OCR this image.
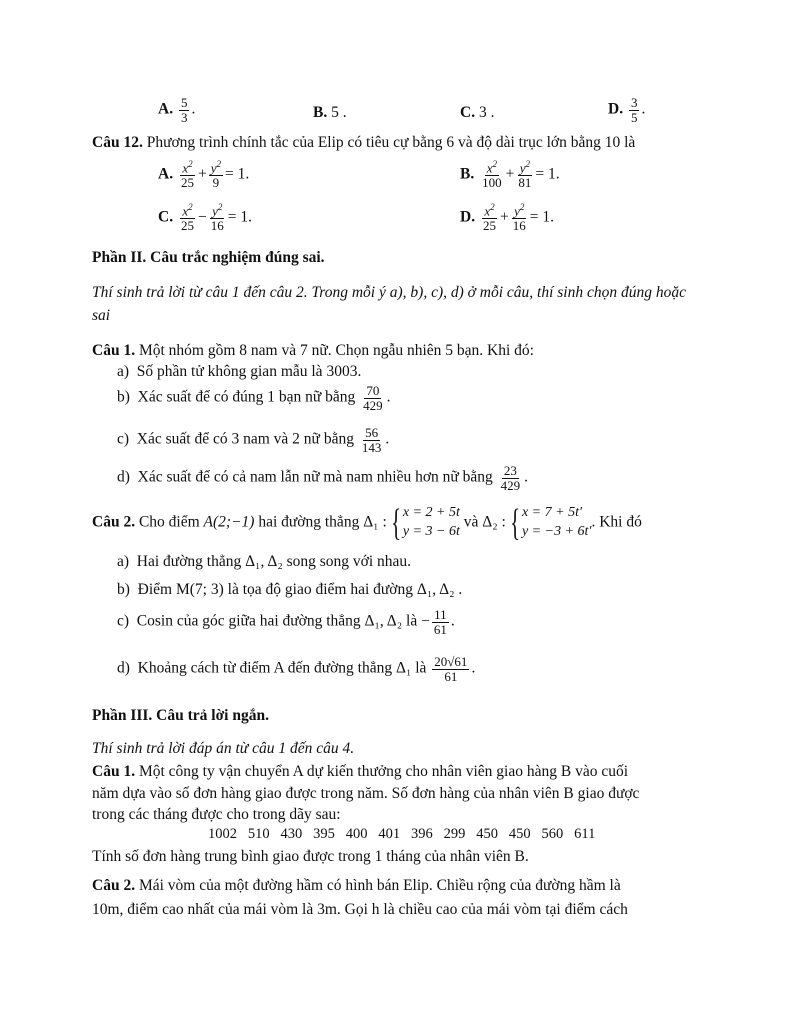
A. $\frac{5}{3}$ .	B. 5 .	C. 3 .	D. $\frac{3}{5}$ .
Câu 12. Phương trình chính tắc của Elip có tiêu cự bằng 6 và độ dài trục lớn bằng 10 là
A. $\frac{x^2}{25} + \frac{y^2}{9} = 1$.	B. $\frac{x^2}{100} + \frac{y^2}{81} = 1$.
C. $\frac{x^2}{25} - \frac{y^2}{16} = 1$.	D. $\frac{x^2}{25} + \frac{y^2}{16} = 1$.
Phần II. Câu trắc nghiệm đúng sai.
Thí sinh trả lời từ câu 1 đến câu 2. Trong mỗi ý a), b), c), d) ở mỗi câu, thí sinh chọn đúng hoặc
sai
Câu 1. Một nhóm gồm 8 nam và 7 nữ. Chọn ngẫu nhiên 5 bạn. Khi đó:
a) Số phần tử không gian mẫu là 3003.
b) Xác suất để có đúng 1 bạn nữ bằng $\frac{70}{429}$ .
c) Xác suất để có 3 nam và 2 nữ bằng $\frac{56}{143}$ .
d) Xác suất để có cả nam lẫn nữ mà nam nhiều hơn nữ bằng $\frac{23}{429}$ .
Câu 2. Cho điểm A(2;−1) hai đường thẳng Δ₁ : { x = 2 + 5t
y = 3 − 6t
và Δ₂ : { x = 7 + 5t′
y = −3 + 6t′
. Khi đó
a) Hai đường thẳng Δ₁, Δ₂ song song với nhau.
b) Điểm M(7; 3) là tọa độ giao điểm hai đường Δ₁, Δ₂ .
c) Cosin của góc giữa hai đường thẳng Δ₁, Δ₂ là − $\frac{11}{61}$ .
d) Khoảng cách từ điểm A đến đường thẳng Δ₁ là $\frac{20√61}{61}$ .
Phần III. Câu trả lời ngắn.
Thí sinh trả lời đáp án từ câu 1 đến câu 4.
Câu 1. Một công ty vận chuyển A dự kiến thưởng cho nhân viên giao hàng B vào cuối
năm dựa vào số đơn hàng giao được trong năm. Số đơn hàng của nhân viên B giao được
trong các tháng được cho trong dãy sau:
1002   510   430   395   400   401   396   299   450   450   560   611
Tính số đơn hàng trung bình giao được trong 1 tháng của nhân viên B.
Câu 2. Mái vòm của một đường hầm có hình bán Elip. Chiều rộng của đường hầm là
10m, điểm cao nhất của mái vòm là 3m. Gọi h là chiều cao của mái vòm tại điểm cách
